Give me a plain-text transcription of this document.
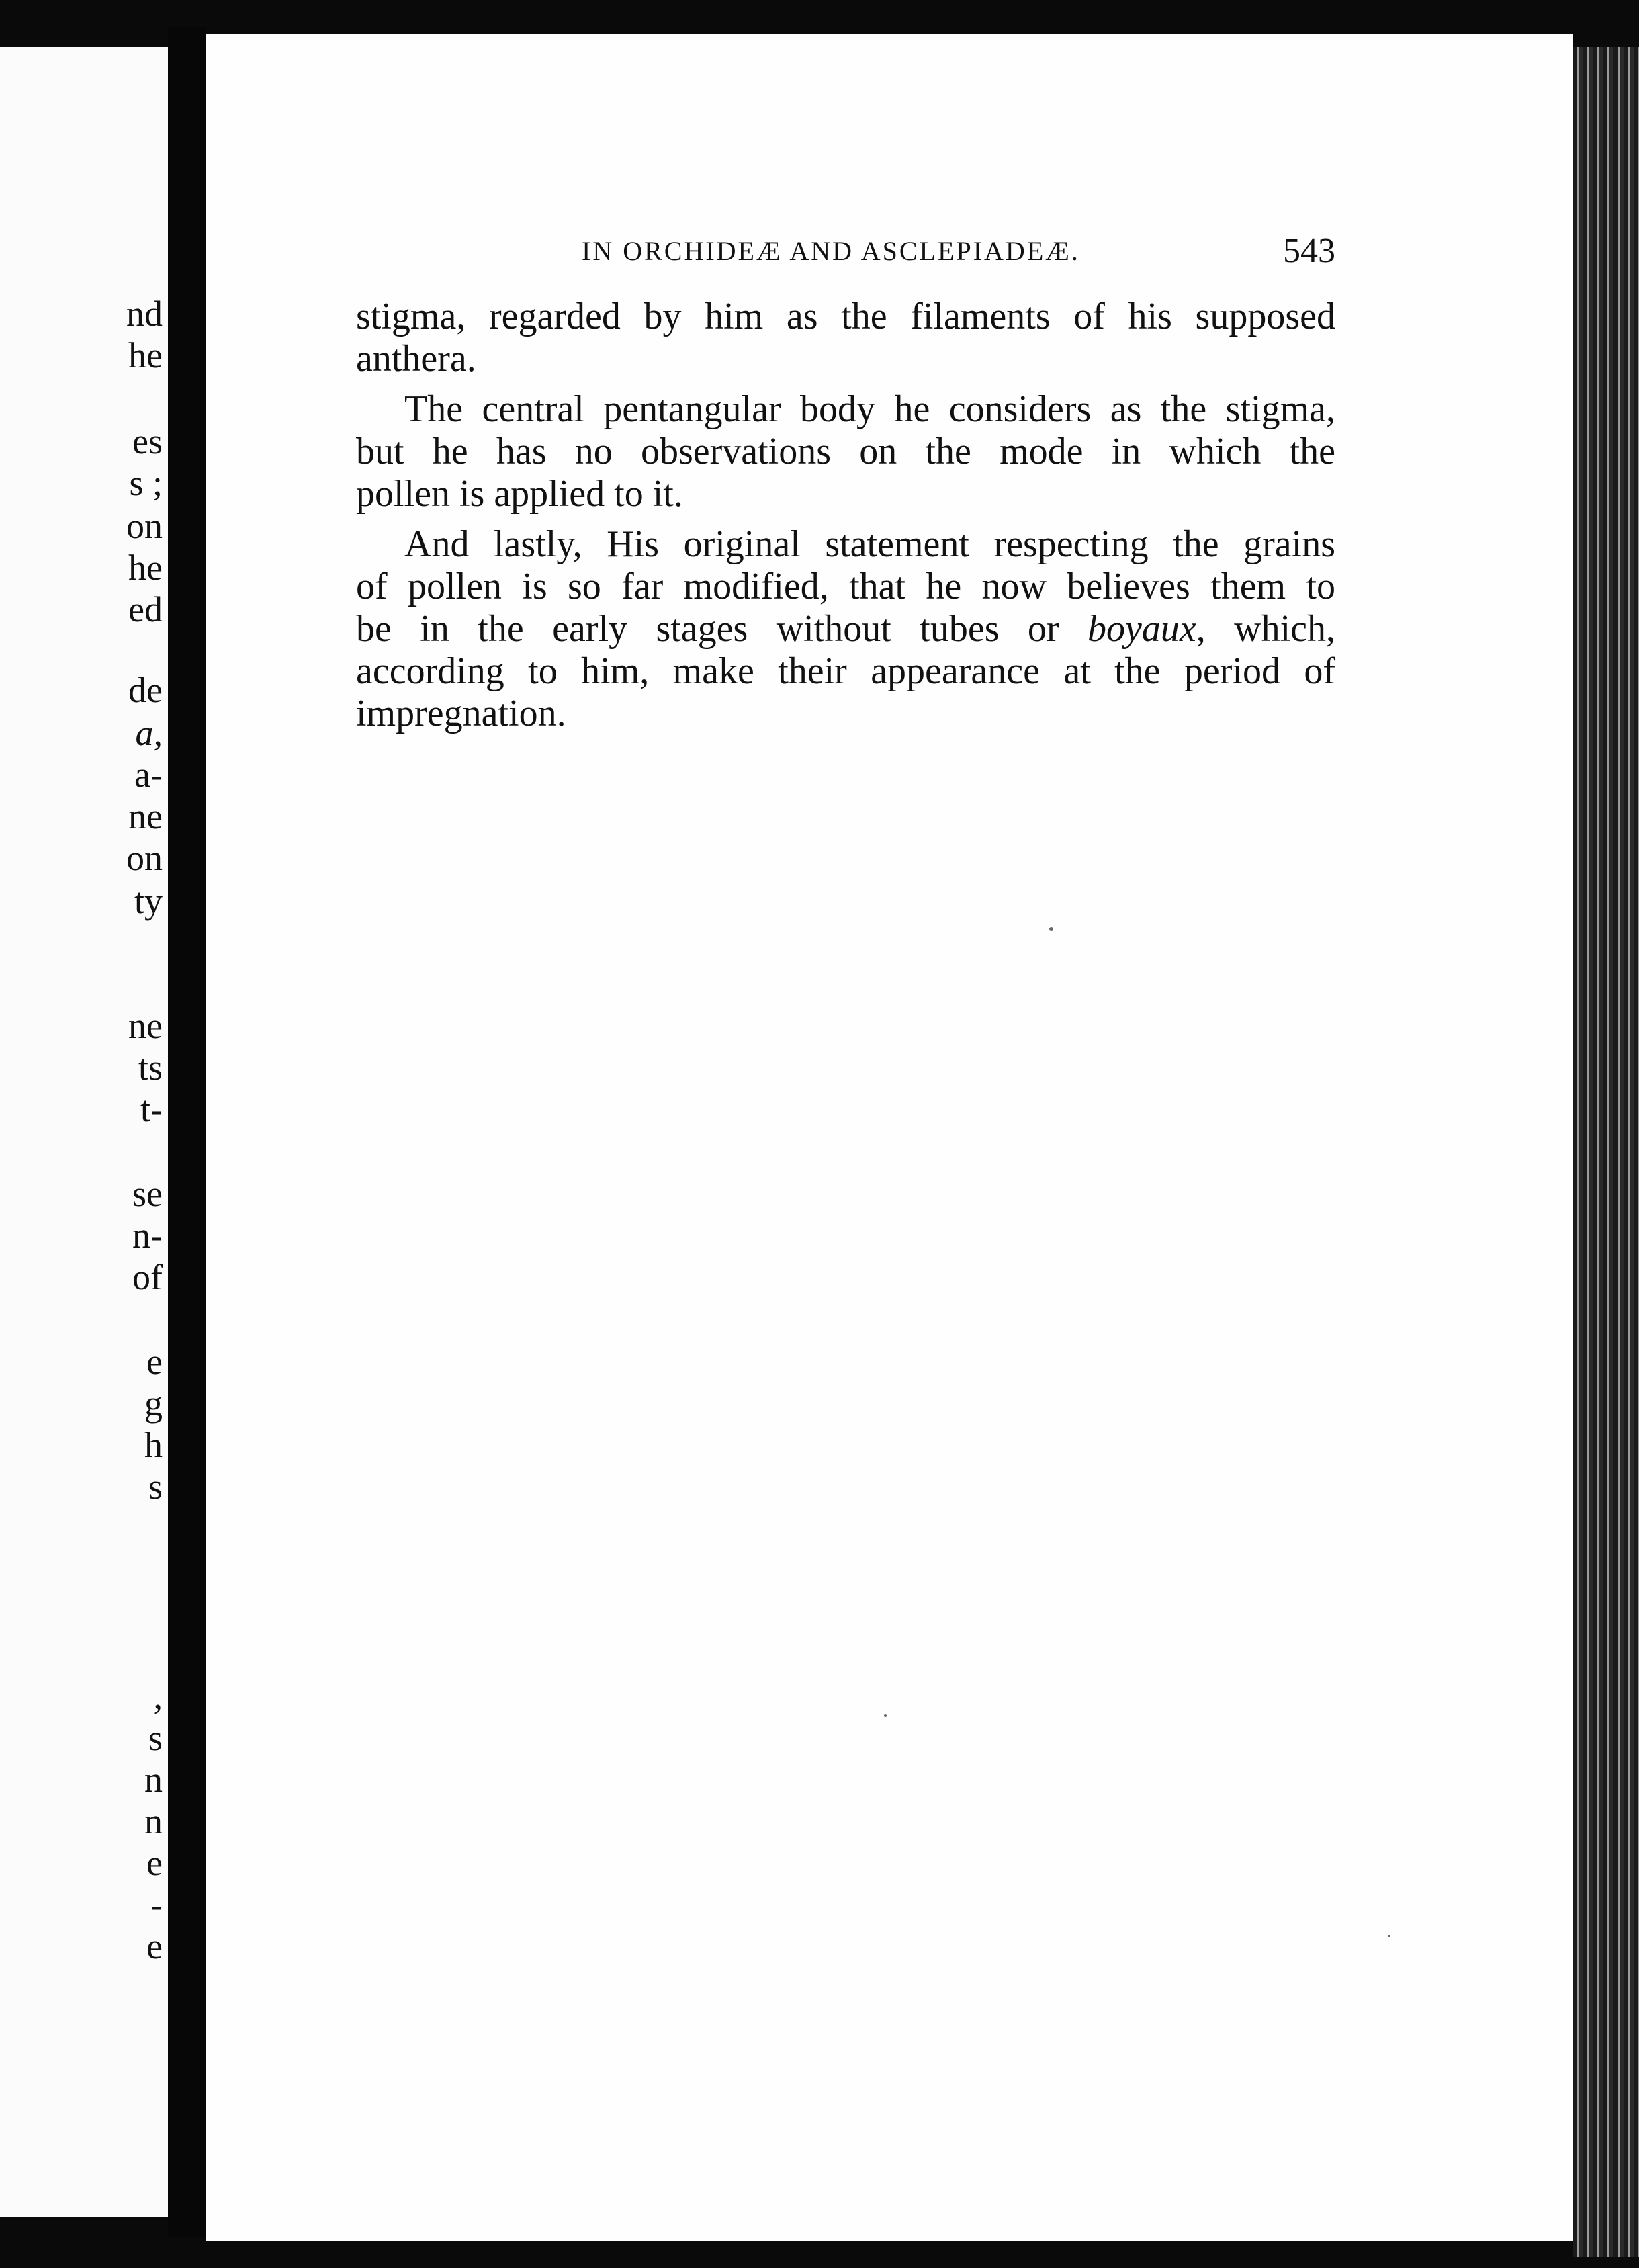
nd
he
es
s ;
on
he
ed
de
a,
a-
ne
on
ty
ne
ts
t-
se
n-
of
e
g
h
s
,
s
n
n
e
-
e
IN ORCHIDEÆ AND ASCLEPIADEÆ.	543
stigma, regarded by him as the filaments of his supposed
anthera.
The central pentangular body he considers as the stigma,
but he has no observations on the mode in which the
pollen is applied to it.
And lastly, His original statement respecting the grains
of pollen is so far modified, that he now believes them to
be in the early stages without tubes or boyaux, which,
according to him, make their appearance at the period of
impregnation.
